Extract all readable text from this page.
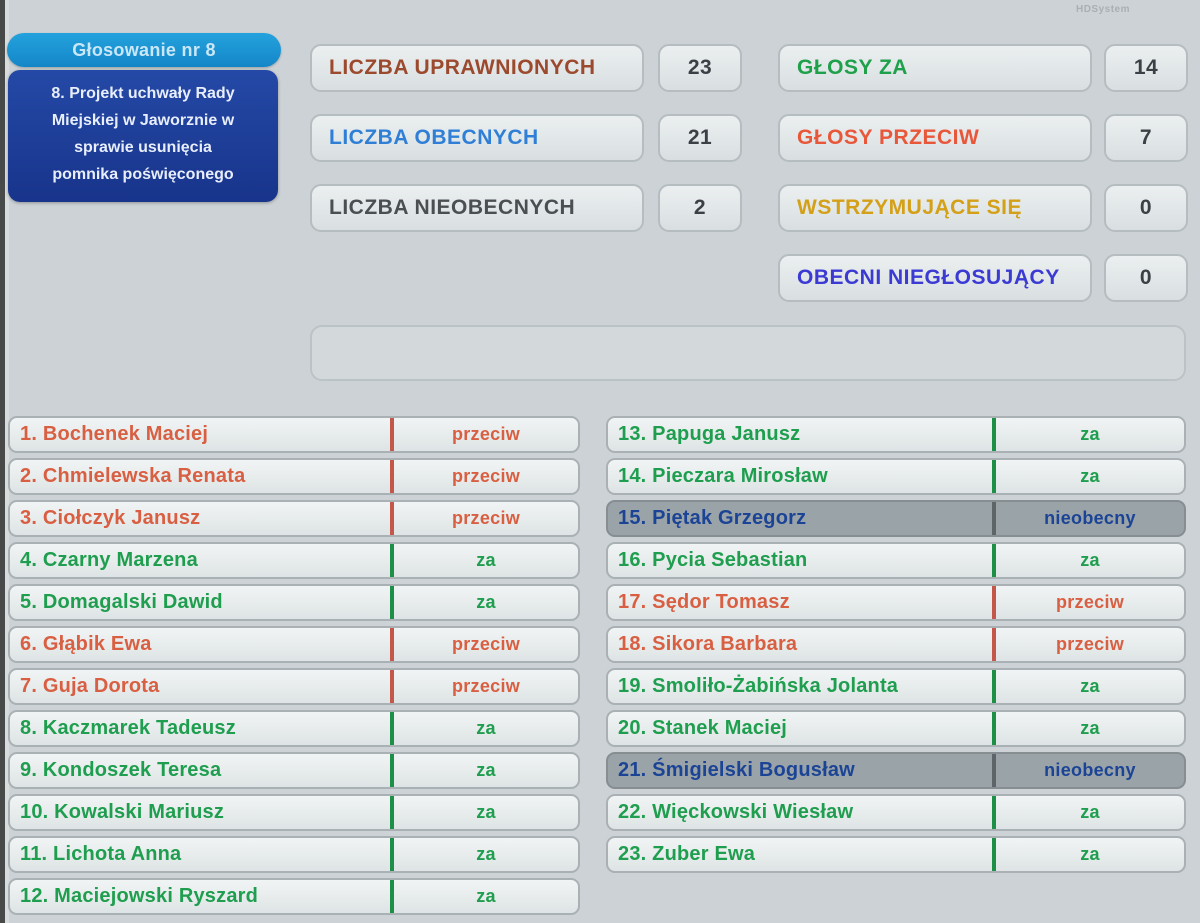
HDSystem
Głosowanie nr 8
8. Projekt uchwały Rady
Miejskiej w Jaworznie w
sprawie usunięcia
pomnika poświęconego
LICZBA UPRAWNIONYCH	23
LICZBA OBECNYCH	21
LICZBA NIEOBECNYCH	2
GŁOSY ZA	14
GŁOSY PRZECIW	7
WSTRZYMUJĄCE SIĘ	0
OBECNI NIEGŁOSUJĄCY	0
1. Bochenek Maciej	przeciw
2. Chmielewska Renata	przeciw
3. Ciołczyk Janusz	przeciw
4. Czarny Marzena	za
5. Domagalski Dawid	za
6. Głąbik Ewa	przeciw
7. Guja Dorota	przeciw
8. Kaczmarek Tadeusz	za
9. Kondoszek Teresa	za
10. Kowalski Mariusz	za
11. Lichota Anna	za
12. Maciejowski Ryszard	za
13. Papuga Janusz	za
14. Pieczara Mirosław	za
15. Piętak Grzegorz	nieobecny
16. Pycia Sebastian	za
17. Sędor Tomasz	przeciw
18. Sikora Barbara	przeciw
19. Smoliło-Żabińska Jolanta	za
20. Stanek Maciej	za
21. Śmigielski Bogusław	nieobecny
22. Więckowski Wiesław	za
23. Zuber Ewa	za
